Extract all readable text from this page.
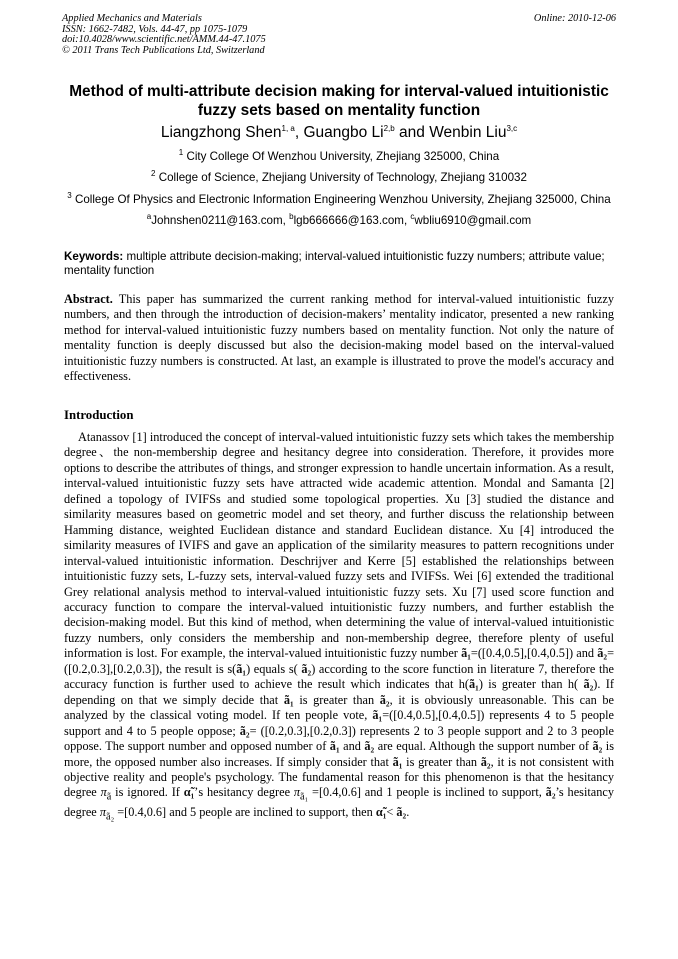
Applied Mechanics and Materials
ISSN: 1662-7482, Vols. 44-47, pp 1075-1079
doi:10.4028/www.scientific.net/AMM.44-47.1075
© 2011 Trans Tech Publications Ltd, Switzerland
Online: 2010-12-06
Method of multi-attribute decision making for interval-valued intuitionistic fuzzy sets based on mentality function
Liangzhong Shen$^{1, a}$, Guangbo Li$^{2,b}$ and Wenbin Liu$^{3,c}$
$^1$ City College Of Wenzhou University, Zhejiang 325000, China
$^2$ College of Science, Zhejiang University of Technology, Zhejiang 310032
$^3$ College Of Physics and Electronic Information Engineering Wenzhou University, Zhejiang 325000, China
$^a$Johnshen0211@163.com, $^b$lgb666666@163.com, $^c$wbliu6910@gmail.com
Keywords: multiple attribute decision-making; interval-valued intuitionistic fuzzy numbers; attribute value; mentality function
Abstract. This paper has summarized the current ranking method for interval-valued intuitionistic fuzzy numbers, and then through the introduction of decision-makers’ mentality indicator, presented a new ranking method for interval-valued intuitionistic fuzzy numbers based on mentality function. Not only the nature of mentality function is deeply discussed but also the decision-making model based on the interval-valued intuitionistic fuzzy numbers is constructed. At last, an example is illustrated to prove the model's accuracy and effectiveness.
Introduction
Atanassov [1] introduced the concept of interval-valued intuitionistic fuzzy sets which takes the membership degree、the non-membership degree and hesitancy degree into consideration. Therefore, it provides more options to describe the attributes of things, and stronger expression to handle uncertain information. As a result, interval-valued intuitionistic fuzzy sets have attracted wide academic attention. Mondal and Samanta [2] defined a topology of IVIFSs and studied some topological properties. Xu [3] studied the distance and similarity measures based on geometric model and set theory, and further discuss the relationship between Hamming distance, weighted Euclidean distance and standard Euclidean distance. Xu [4] introduced the similarity measures of IVIFS and gave an application of the similarity measures to pattern recognitions under interval-valued intuitionistic information. Deschrijver and Kerre [5] established the relationships between intuitionistic fuzzy sets, L-fuzzy sets, interval-valued fuzzy sets and IVIFSs. Wei [6] extended the traditional Grey relational analysis method to interval-valued intuitionistic fuzzy sets. Xu [7] used score function and accuracy function to compare the interval-valued intuitionistic fuzzy numbers, and further establish the decision-making model. But this kind of method, when determining the value of interval-valued intuitionistic fuzzy numbers, only considers the membership and non-membership degree, therefore plenty of useful information is lost. For example, the interval-valued intuitionistic fuzzy number ã₁=([0.4,0.5],[0.4,0.5]) and ã₂= ([0.2,0.3],[0.2,0.3]), the result is s(ã₁) equals s( ã₂) according to the score function in literature 7, therefore the accuracy function is further used to achieve the result which indicates that h(ã₁) is greater than h( ã₂). If depending on that we simply decide that ã₁ is greater than ã₂, it is obviously unreasonable. This can be analyzed by the classical voting model. If ten people vote, ã₁=([0.4,0.5],[0.4,0.5]) represents 4 to 5 people support and 4 to 5 people oppose; ã₂= ([0.2,0.3],[0.2,0.3]) represents 2 to 3 people support and 2 to 3 people oppose. The support number and opposed number of ã₁ and ã₂ are equal. Although the support number of ã₂ is more, the opposed number also increases. If simply consider that ã₁ is greater than ã₂, it is not consistent with objective reality and people's psychology. The fundamental reason for this phenomenon is that the hesitancy degree $\pi_ã$ is ignored. If α̃₁’s hesitancy degree $\pi_{ã_1} =[0.4,0.6]$ and 1 people is inclined to support, ã₂’s hesitancy degree $\pi_{ã_2} =[0.4,0.6]$ and 5 people are inclined to support, then α̃₁< ã₂.
